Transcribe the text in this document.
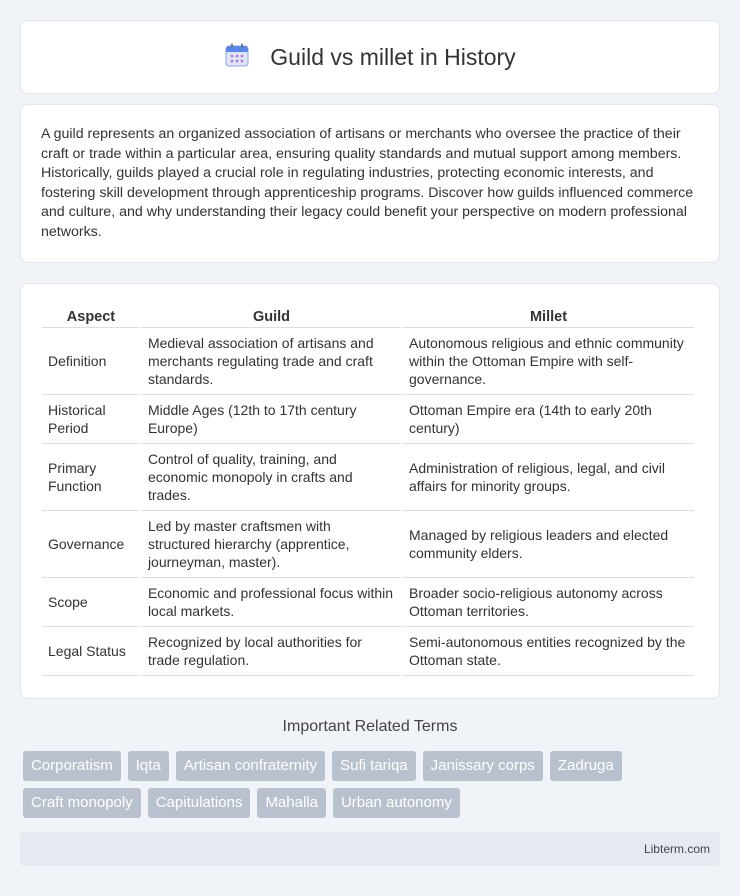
Guild vs millet in History

A guild represents an organized association of artisans or merchants who oversee the practice of their craft or trade within a particular area, ensuring quality standards and mutual support among members. Historically, guilds played a crucial role in regulating industries, protecting economic interests, and fostering skill development through apprenticeship programs. Discover how guilds influenced commerce and culture, and why understanding their legacy could benefit your perspective on modern professional networks.

Aspect	Guild	Millet
Definition	Medieval association of artisans and merchants regulating trade and craft standards.	Autonomous religious and ethnic community within the Ottoman Empire with self-governance.
Historical Period	Middle Ages (12th to 17th century Europe)	Ottoman Empire era (14th to early 20th century)
Primary Function	Control of quality, training, and economic monopoly in crafts and trades.	Administration of religious, legal, and civil affairs for minority groups.
Governance	Led by master craftsmen with structured hierarchy (apprentice, journeyman, master).	Managed by religious leaders and elected community elders.
Scope	Economic and professional focus within local markets.	Broader socio-religious autonomy across Ottoman territories.
Legal Status	Recognized by local authorities for trade regulation.	Semi-autonomous entities recognized by the Ottoman state.
Important Related Terms
Corporatism	Iqta	Artisan confraternity	Sufi tariqa	Janissary corps	Zadruga
Craft monopoly	Capitulations	Mahalla	Urban autonomy
Libterm.com
